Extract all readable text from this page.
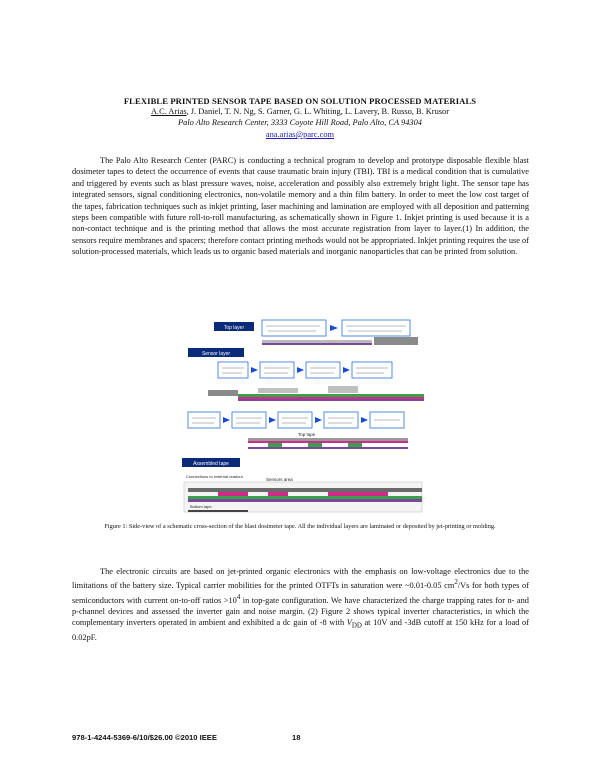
FLEXIBLE PRINTED SENSOR TAPE BASED ON SOLUTION PROCESSED MATERIALS
A.C. Arias, J. Daniel, T. N. Ng, S. Garner, G. L. Whiting, L. Lavery, B. Russo, B. Krusor
Palo Alto Research Center, 3333 Coyote Hill Road, Palo Alto, CA 94304
ana.arias@parc.com
The Palo Alto Research Center (PARC) is conducting a technical program to develop and prototype disposable flexible blast dosimeter tapes to detect the occurrence of events that cause traumatic brain injury (TBI). TBI is a medical condition that is cumulative and triggered by events such as blast pressure waves, noise, acceleration and possibly also extremely bright light. The sensor tape has integrated sensors, signal conditioning electronics, non-volatile memory and a thin film battery. In order to meet the low cost target of the tapes, fabrication techniques such as inkjet printing, laser machining and lamination are employed with all deposition and patterning steps been compatible with future roll-to-roll manufacturing, as schematically shown in Figure 1. Inkjet printing is used because it is a non-contact technique and is the printing method that allows the most accurate registration from layer to layer.(1) In addition, the sensors require membranes and spacers; therefore contact printing methods would not be appropriated. Inkjet printing requires the use of solution-processed materials, which leads us to organic based materials and inorganic nanoparticles that can be printed from solution.
Top layer
Sensor layer
Top tape
Assembled tape
Connections to external readout
Sensors area
Bottom tape
Figure 1: Side-view of a schematic cross-section of the blast dosimeter tape. All the individual layers are laminated or deposited by jet-printing or molding.
The electronic circuits are based on jet-printed organic electronics with the emphasis on low-voltage electronics due to the limitations of the battery size. Typical carrier mobilities for the printed OTFTs in saturation were ~0.01-0.05 $cm^2/Vs$ for both types of semiconductors with current on-to-off ratios $>10^4$ in top-gate configuration. We have characterized the charge trapping rates for n- and p-channel devices and assessed the inverter gain and noise margin. (2) Figure 2 shows typical inverter characteristics, in which the complementary inverters operated in ambient and exhibited a dc gain of -8 with $V_{DD}$ at 10V and -3dB cutoff at 150 kHz for a load of 0.02pF.
978-1-4244-5369-6/10/$26.00 ©2010 IEEE	18
